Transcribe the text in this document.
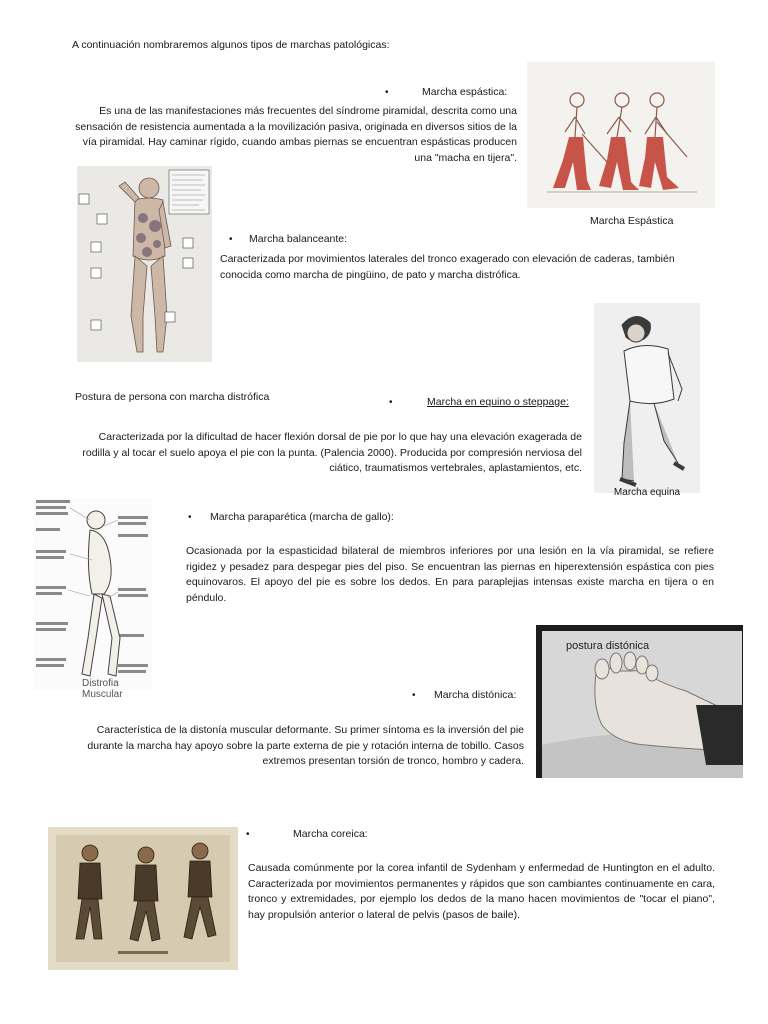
A continuación nombraremos algunos tipos de marchas patológicas:
•	Marcha espástica:
Es una de las manifestaciones más frecuentes del síndrome piramidal, descrita como una sensación de resistencia aumentada a la movilización pasiva, originada en diversos sitios de la vía piramidal. Hay caminar rígido, cuando ambas piernas se encuentran espásticas producen una "macha en tijera".
Marcha Espástica
Postura de persona con marcha distrófica
• Marcha balanceante:
Caracterizada por movimientos laterales del tronco exagerado con elevación de caderas, también conocida como marcha de pingüino, de pato y marcha distrófica.
Marcha equina
•	Marcha en equino o steppage:
Caracterizada por la dificultad de hacer flexión dorsal de pie por lo que hay una elevación exagerada de rodilla y al tocar el suelo apoya el pie con la punta. (Palencia 2000). Producida por compresión nerviosa del ciático, traumatismos vertebrales, aplastamientos, etc.
Distrofia Muscular
• Marcha paraparética (marcha de gallo):
Ocasionada por la espasticidad bilateral de miembros inferiores por una lesión en la vía piramidal, se refiere rigidez y pesadez para despegar pies del piso. Se encuentran las piernas en hiperextensión espástica con pies equinovaros. El apoyo del pie es sobre los dedos. En para paraplejias intensas existe marcha en tijera o en péndulo.
postura distónica
• Marcha distónica:
Característica de la distonía muscular deformante. Su primer síntoma es la inversión del pie durante la marcha hay apoyo sobre la parte externa de pie y rotación interna de tobillo. Casos extremos presentan torsión de tronco, hombro y cadera.
•	Marcha coreica:
Causada comúnmente por la corea infantil de Sydenham y enfermedad de Huntington en el adulto. Caracterizada por movimientos permanentes y rápidos que son cambiantes continuamente en cara, tronco y extremidades, por ejemplo los dedos de la mano hacen movimientos de "tocar el piano", hay propulsión anterior o lateral de pelvis (pasos de baile).
